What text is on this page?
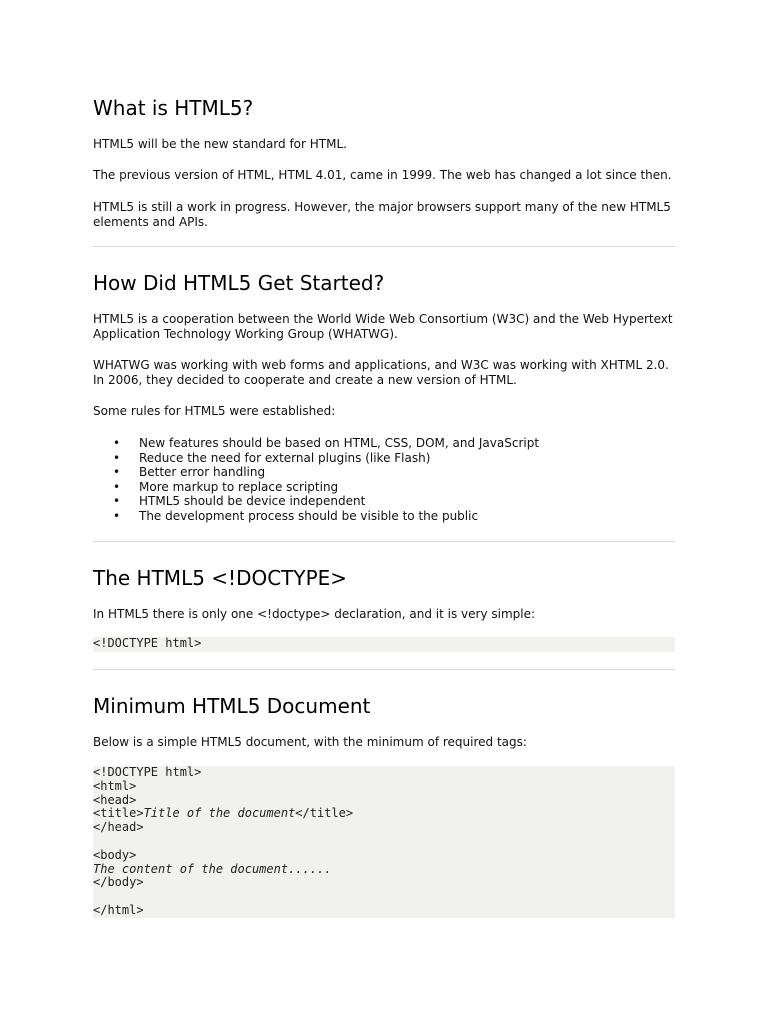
What is HTML5?

HTML5 will be the new standard for HTML.

The previous version of HTML, HTML 4.01, came in 1999. The web has changed a lot since then.

HTML5 is still a work in progress. However, the major browsers support many of the new HTML5 elements and APIs.

How Did HTML5 Get Started?

HTML5 is a cooperation between the World Wide Web Consortium (W3C) and the Web Hypertext Application Technology Working Group (WHATWG).

WHATWG was working with web forms and applications, and W3C was working with XHTML 2.0. In 2006, they decided to cooperate and create a new version of HTML.

Some rules for HTML5 were established:

• New features should be based on HTML, CSS, DOM, and JavaScript
• Reduce the need for external plugins (like Flash)
• Better error handling
• More markup to replace scripting
• HTML5 should be device independent
• The development process should be visible to the public
The HTML5 <!DOCTYPE>

In HTML5 there is only one <!doctype> declaration, and it is very simple:

<!DOCTYPE html>
Minimum HTML5 Document

Below is a simple HTML5 document, with the minimum of required tags:

<!DOCTYPE html>
<html>
<head>
<title>Title of the document</title>
</head>

<body>
The content of the document......
</body>

</html>
